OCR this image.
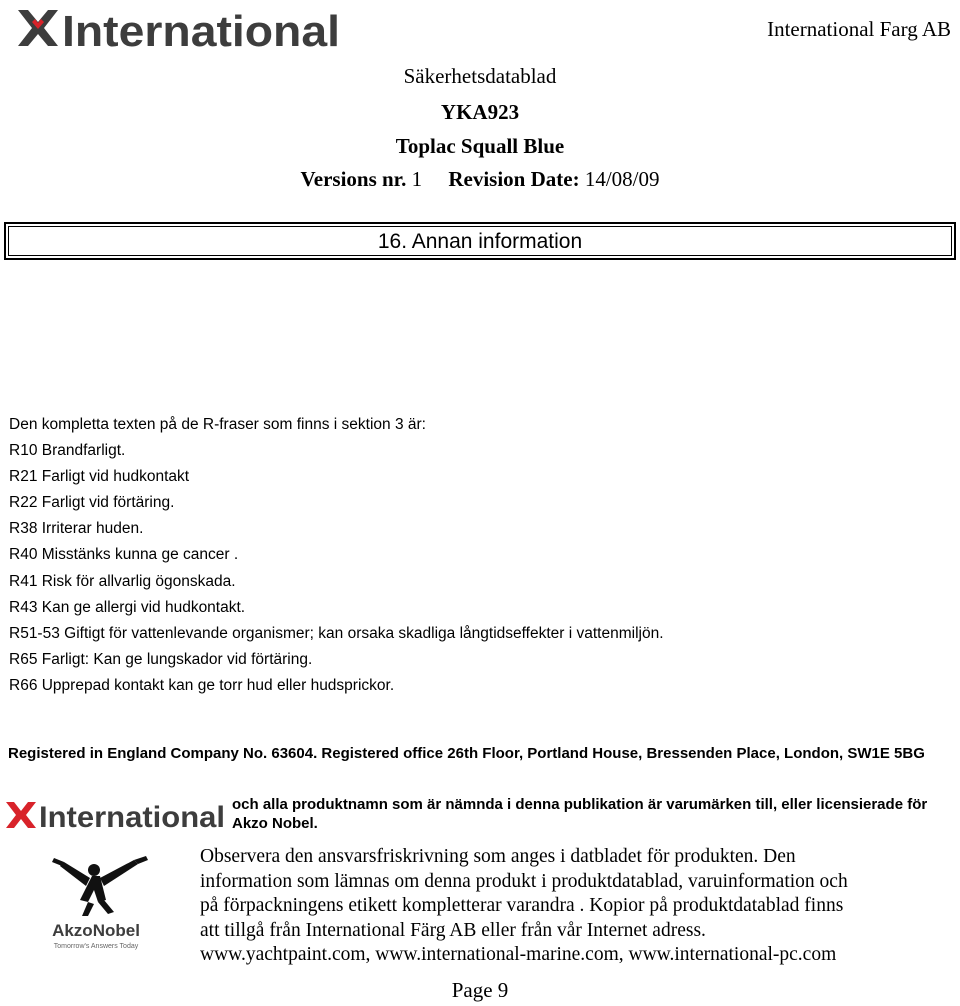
International	International Farg AB
Säkerhetsdatablad
YKA923
Toplac Squall Blue
Versions nr. 1 Revision Date: 14/08/09
16. Annan information
Den kompletta texten på de R-fraser som finns i sektion 3 är:
R10 Brandfarligt.
R21 Farligt vid hudkontakt
R22 Farligt vid förtäring.
R38 Irriterar huden.
R40 Misstänks kunna ge cancer .
R41 Risk för allvarlig ögonskada.
R43 Kan ge allergi vid hudkontakt.
R51-53 Giftigt för vattenlevande organismer; kan orsaka skadliga långtidseffekter i vattenmiljön.
R65 Farligt: Kan ge lungskador vid förtäring.
R66 Upprepad kontakt kan ge torr hud eller hudsprickor.
Registered in England Company No. 63604. Registered office 26th Floor, Portland House, Bressenden Place, London, SW1E 5BG
International och alla produktnamn som är nämnda i denna publikation är varumärken till, eller licensierade för Akzo Nobel.
AkzoNobel
Tomorrow's Answers Today
Observera den ansvarsfriskrivning som anges i datbladet för produkten. Den
information som lämnas om denna produkt i produktdatablad, varuinformation och
på förpackningens etikett kompletterar varandra . Kopior på produktdatablad finns
att tillgå från International Färg AB eller från vår Internet adress.
www.yachtpaint.com, www.international-marine.com, www.international-pc.com
Page 9
